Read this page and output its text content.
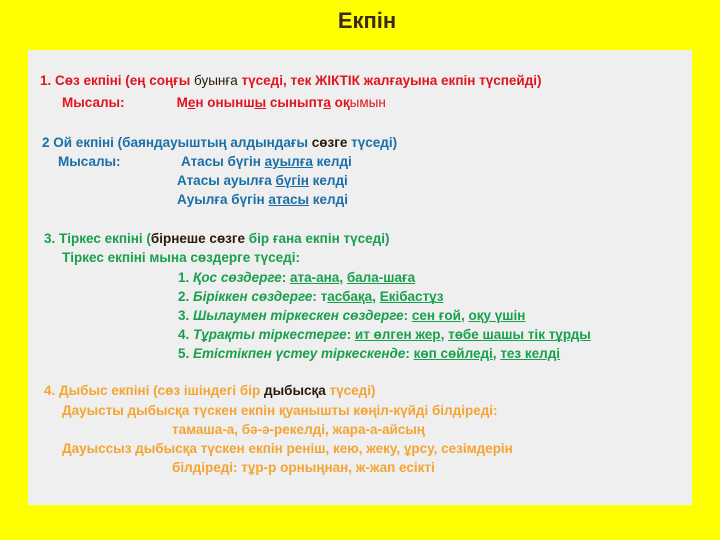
Екпін
1. Сөз екпіні (ең соңғы буынға түседі, тек ЖІКТІК жалғауына екпін түспейді)
Мысалы:	Мен оныншы сыныпта оқымын
2 Ой екпіні (баяндауыштың алдындағы сөзге түседі)
Мысалы:	Атасы бүгін ауылға келді
Атасы ауылға бүгін келді
Ауылға бүгін атасы келді
3. Тіркес екпіні (бірнеше сөзге бір ғана екпін түседі)
Тіркес екпіні мына сөздерге түседі:
1. Қос сөздерге: ата-ана, бала-шаға
2. Біріккен сөздерге: тасбақа, Екібастұз
3. Шылаумен тіркескен сөздерге: сен ғой, оқу үшін
4. Тұрақты тіркестерге: ит өлген жер, төбе шашы тік тұрды
5. Етістікпен үстеу тіркескенде: көп сөйледі, тез келді
4. Дыбыс екпіні (сөз ішіндегі бір дыбысқа түседі)
Дауысты дыбысқа түскен екпін қуанышты көңіл-күйді білдіреді:
тамаша-а, бә-ә-рекелді, жара-а-айсың
Дауыссыз дыбысқа түскен екпін реніш, кею, жеку, ұрсу, сезімдерін
білдіреді: тұр-р орныңнан, ж-жап есікті
